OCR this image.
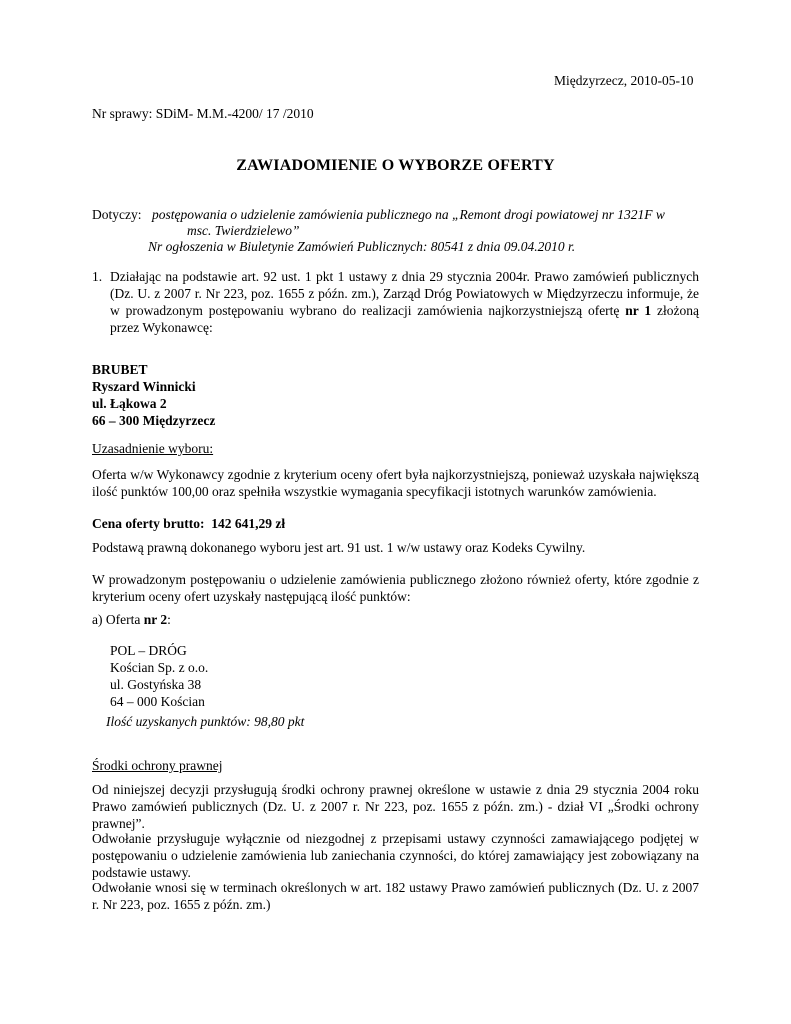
Międzyrzecz, 2010-05-10
Nr sprawy: SDiM- M.M.-4200/ 17 /2010
ZAWIADOMIENIE O WYBORZE OFERTY
Dotyczy: postępowania o udzielenie zamówienia publicznego na „Remont drogi powiatowej nr 1321F w
msc. Twierdzielewo”
Nr ogłoszenia w Biuletynie Zamówień Publicznych: 80541 z dnia 09.04.2010 r.
1. Działając na podstawie art. 92 ust. 1 pkt 1 ustawy z dnia 29 stycznia 2004r. Prawo zamówień publicznych (Dz. U. z 2007 r. Nr 223, poz. 1655 z późn. zm.), Zarząd Dróg Powiatowych w Międzyrzeczu informuje, że w prowadzonym postępowaniu wybrano do realizacji zamówienia najkorzystniejszą ofertę nr 1 złożoną przez Wykonawcę:
BRUBET
Ryszard Winnicki
ul. Łąkowa 2
66 – 300 Międzyrzecz
Uzasadnienie wyboru:
Oferta w/w Wykonawcy zgodnie z kryterium oceny ofert była najkorzystniejszą, ponieważ uzyskała największą ilość punktów 100,00 oraz spełniła wszystkie wymagania specyfikacji istotnych warunków zamówienia.
Cena oferty brutto: 142 641,29 zł
Podstawą prawną dokonanego wyboru jest art. 91 ust. 1 w/w ustawy oraz Kodeks Cywilny.
W prowadzonym postępowaniu o udzielenie zamówienia publicznego złożono również oferty, które zgodnie z kryterium oceny ofert uzyskały następującą ilość punktów:
a) Oferta nr 2:
POL – DRÓG
Kościan Sp. z o.o.
ul. Gostyńska 38
64 – 000 Kościan
Ilość uzyskanych punktów: 98,80 pkt
Środki ochrony prawnej
Od niniejszej decyzji przysługują środki ochrony prawnej określone w ustawie z dnia 29 stycznia 2004 roku Prawo zamówień publicznych (Dz. U. z 2007 r. Nr 223, poz. 1655 z późn. zm.) - dział VI „Środki ochrony prawnej”.
Odwołanie przysługuje wyłącznie od niezgodnej z przepisami ustawy czynności zamawiającego podjętej w postępowaniu o udzielenie zamówienia lub zaniechania czynności, do której zamawiający jest zobowiązany na podstawie ustawy.
Odwołanie wnosi się w terminach określonych w art. 182 ustawy Prawo zamówień publicznych (Dz. U. z 2007 r. Nr 223, poz. 1655 z późn. zm.)
